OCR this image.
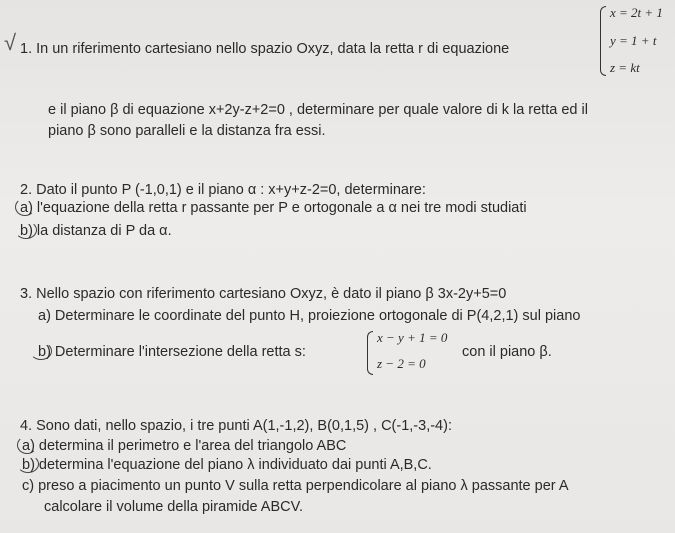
√ 1. In un riferimento cartesiano nello spazio Oxyz, data la retta r di equazione
x = 2t + 1
y = 1 + t
z = kt
e il piano β di equazione x+2y-z+2=0 , determinare per quale valore di k la retta ed il
piano β sono paralleli e la distanza fra essi.
2. Dato il punto P (-1,0,1) e il piano α : x+y+z-2=0, determinare:
a) l'equazione della retta r passante per P e ortogonale a α nei tre modi studiati
b) la distanza di P da α.
3. Nello spazio con riferimento cartesiano Oxyz, è dato il piano β 3x-2y+5=0
a) Determinare le coordinate del punto H, proiezione ortogonale di P(4,2,1) sul piano
b) Determinare l'intersezione della retta s:
x − y + 1 = 0
z − 2 = 0
con il piano β.
4. Sono dati, nello spazio, i tre punti A(1,-1,2), B(0,1,5) , C(-1,-3,-4):
a) determina il perimetro e l'area del triangolo ABC
b) determina l'equazione del piano λ individuato dai punti A,B,C.
c) preso a piacimento un punto V sulla retta perpendicolare al piano λ passante per A
calcolare il volume della piramide ABCV.
